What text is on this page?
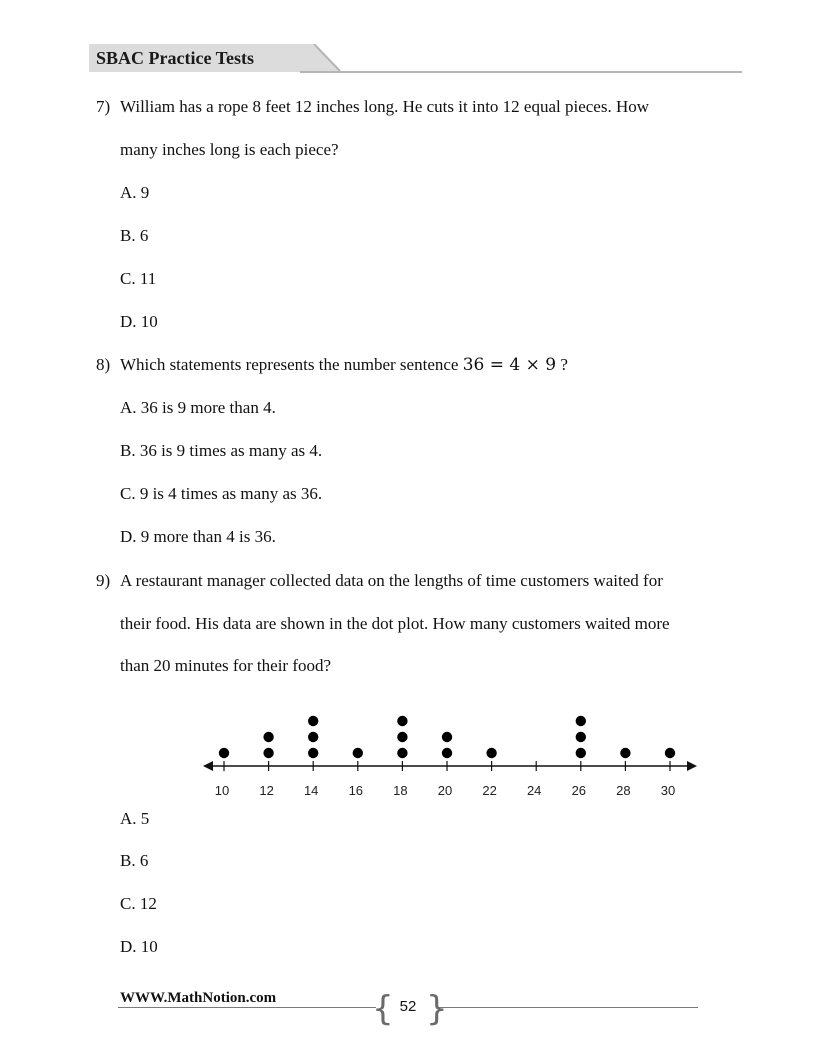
SBAC Practice Tests
7) William has a rope 8 feet 12 inches long. He cuts it into 12 equal pieces. How
many inches long is each piece?
A. 9
B. 6
C. 11
D. 10
8) Which statements represents the number sentence 36 = 4 × 9 ?
A. 36 is 9 more than 4.
B. 36 is 9 times as many as 4.
C. 9 is 4 times as many as 36.
D. 9 more than 4 is 36.
9) A restaurant manager collected data on the lengths of time customers waited for
their food. His data are shown in the dot plot. How many customers waited more
than 20 minutes for their food?
10 12 14 16 18 20 22 24 26 28 30
A. 5
B. 6
C. 12
D. 10
WWW.MathNotion.com	{ }
52
